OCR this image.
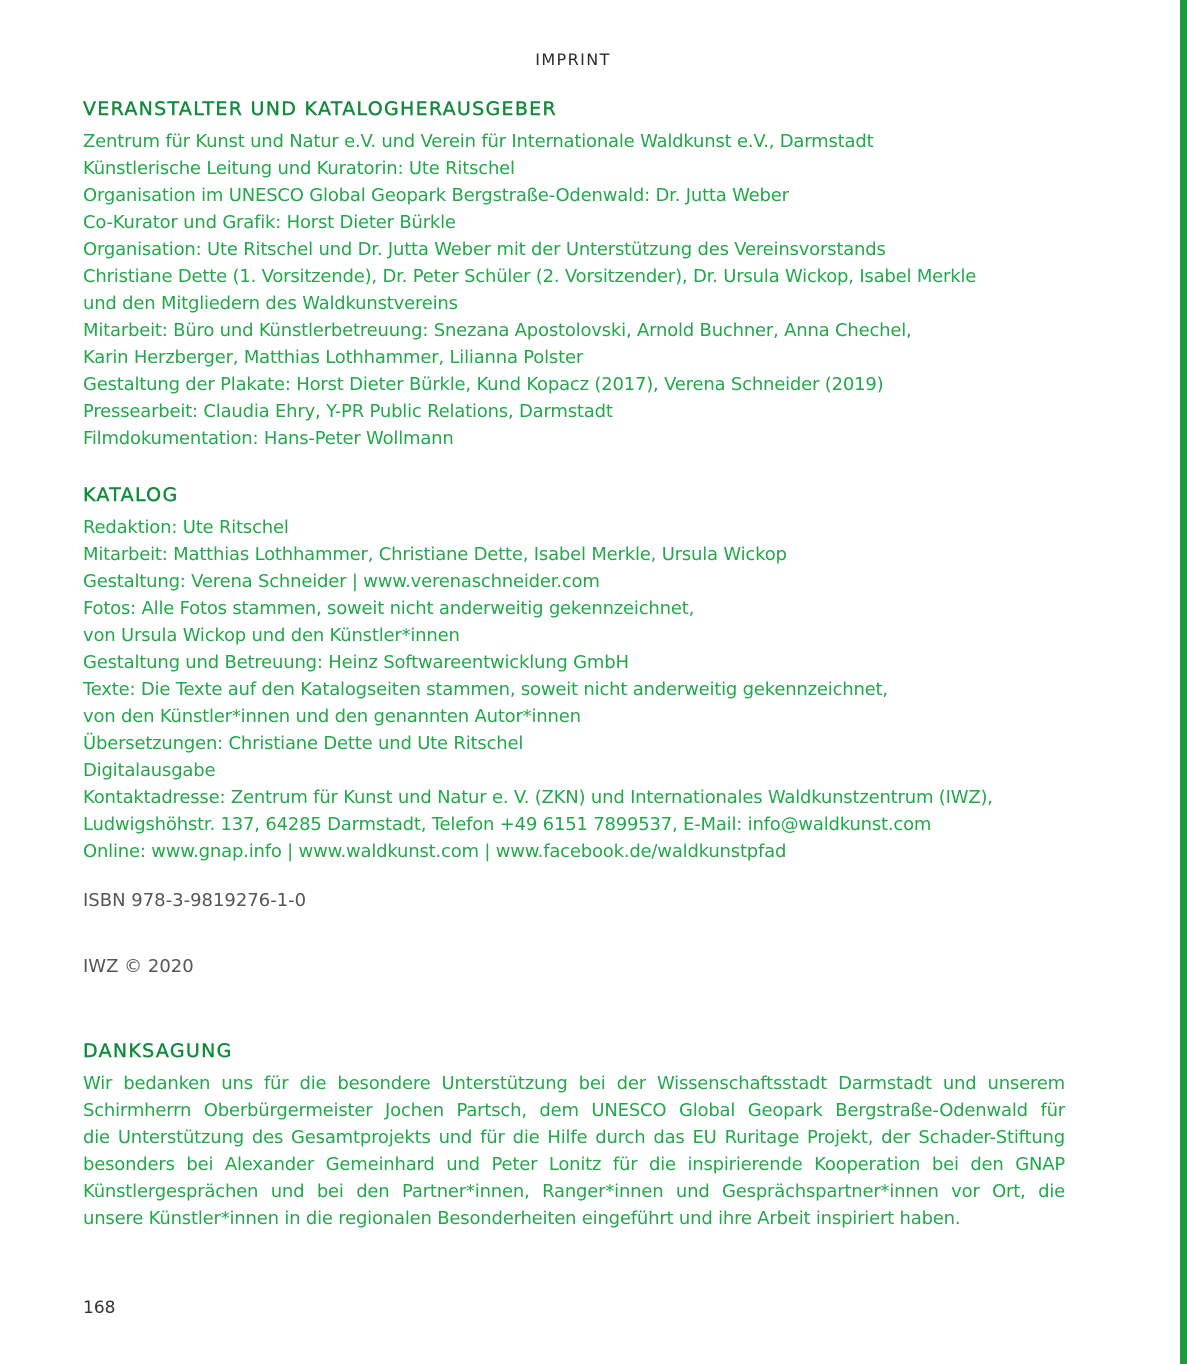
IMPRINT
VERANSTALTER UND KATALOGHERAUSGEBER
Zentrum für Kunst und Natur e.V. und Verein für Internationale Waldkunst e.V., Darmstadt
Künstlerische Leitung und Kuratorin: Ute Ritschel
Organisation im UNESCO Global Geopark Bergstraße-Odenwald: Dr. Jutta Weber
Co-Kurator und Grafik: Horst Dieter Bürkle
Organisation: Ute Ritschel und Dr. Jutta Weber mit der Unterstützung des Vereinsvorstands
Christiane Dette (1. Vorsitzende), Dr. Peter Schüler (2. Vorsitzender), Dr. Ursula Wickop, Isabel Merkle
und den Mitgliedern des Waldkunstvereins
Mitarbeit: Büro und Künstlerbetreuung: Snezana Apostolovski, Arnold Buchner, Anna Chechel,
Karin Herzberger, Matthias Lothhammer, Lilianna Polster
Gestaltung der Plakate: Horst Dieter Bürkle, Kund Kopacz (2017), Verena Schneider (2019)
Pressearbeit: Claudia Ehry, Y-PR Public Relations, Darmstadt
Filmdokumentation: Hans-Peter Wollmann
KATALOG
Redaktion: Ute Ritschel
Mitarbeit: Matthias Lothhammer, Christiane Dette, Isabel Merkle, Ursula Wickop
Gestaltung: Verena Schneider | www.verenaschneider.com
Fotos: Alle Fotos stammen, soweit nicht anderweitig gekennzeichnet,
von Ursula Wickop und den Künstler*innen
Gestaltung und Betreuung: Heinz Softwareentwicklung GmbH
Texte: Die Texte auf den Katalogseiten stammen, soweit nicht anderweitig gekennzeichnet,
von den Künstler*innen und den genannten Autor*innen
Übersetzungen: Christiane Dette und Ute Ritschel
Digitalausgabe
Kontaktadresse: Zentrum für Kunst und Natur e. V. (ZKN) und Internationales Waldkunstzentrum (IWZ),
Ludwigshöhstr. 137, 64285 Darmstadt, Telefon +49 6151 7899537, E-Mail: info@waldkunst.com
Online: www.gnap.info | www.waldkunst.com | www.facebook.de/waldkunstpfad
ISBN 978-3-9819276-1-0
IWZ © 2020
DANKSAGUNG
Wir bedanken uns für die besondere Unterstützung bei der Wissenschaftsstadt Darmstadt und unserem
Schirmherrn Oberbürgermeister Jochen Partsch, dem UNESCO Global Geopark Bergstraße-Odenwald für
die Unterstützung des Gesamtprojekts und für die Hilfe durch das EU Ruritage Projekt, der Schader-Stiftung
besonders bei Alexander Gemeinhard und Peter Lonitz für die inspirierende Kooperation bei den GNAP
Künstlergesprächen und bei den Partner*innen, Ranger*innen und Gesprächspartner*innen vor Ort, die
unsere Künstler*innen in die regionalen Besonderheiten eingeführt und ihre Arbeit inspiriert haben.
168
